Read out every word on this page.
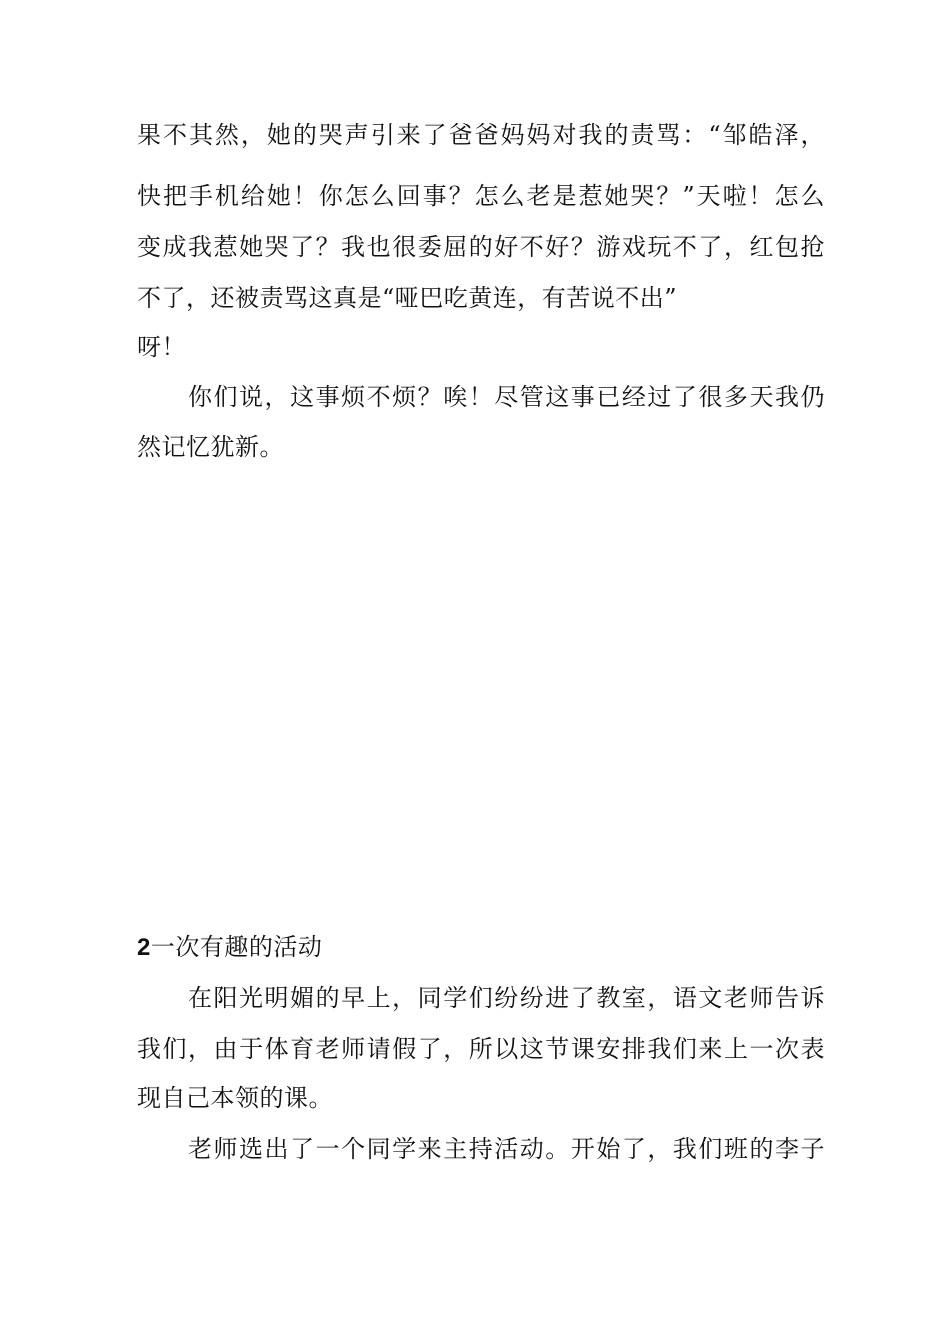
果不其然，她的哭声引来了爸爸妈妈对我的责骂：“邹皓泽，
快把手机给她！你怎么回事？怎么老是惹她哭？”天啦！怎么
变成我惹她哭了？我也很委屈的好不好？游戏玩不了，红包抢
不了，还被责骂这真是“哑巴吃黄连，有苦说不出”
呀！
你们说，这事烦不烦？唉！尽管这事已经过了很多天我仍
然记忆犹新。
2一次有趣的活动
在阳光明媚的早上，同学们纷纷进了教室，语文老师告诉
我们，由于体育老师请假了，所以这节课安排我们来上一次表
现自己本领的课。
老师选出了一个同学来主持活动。开始了，我们班的李子
